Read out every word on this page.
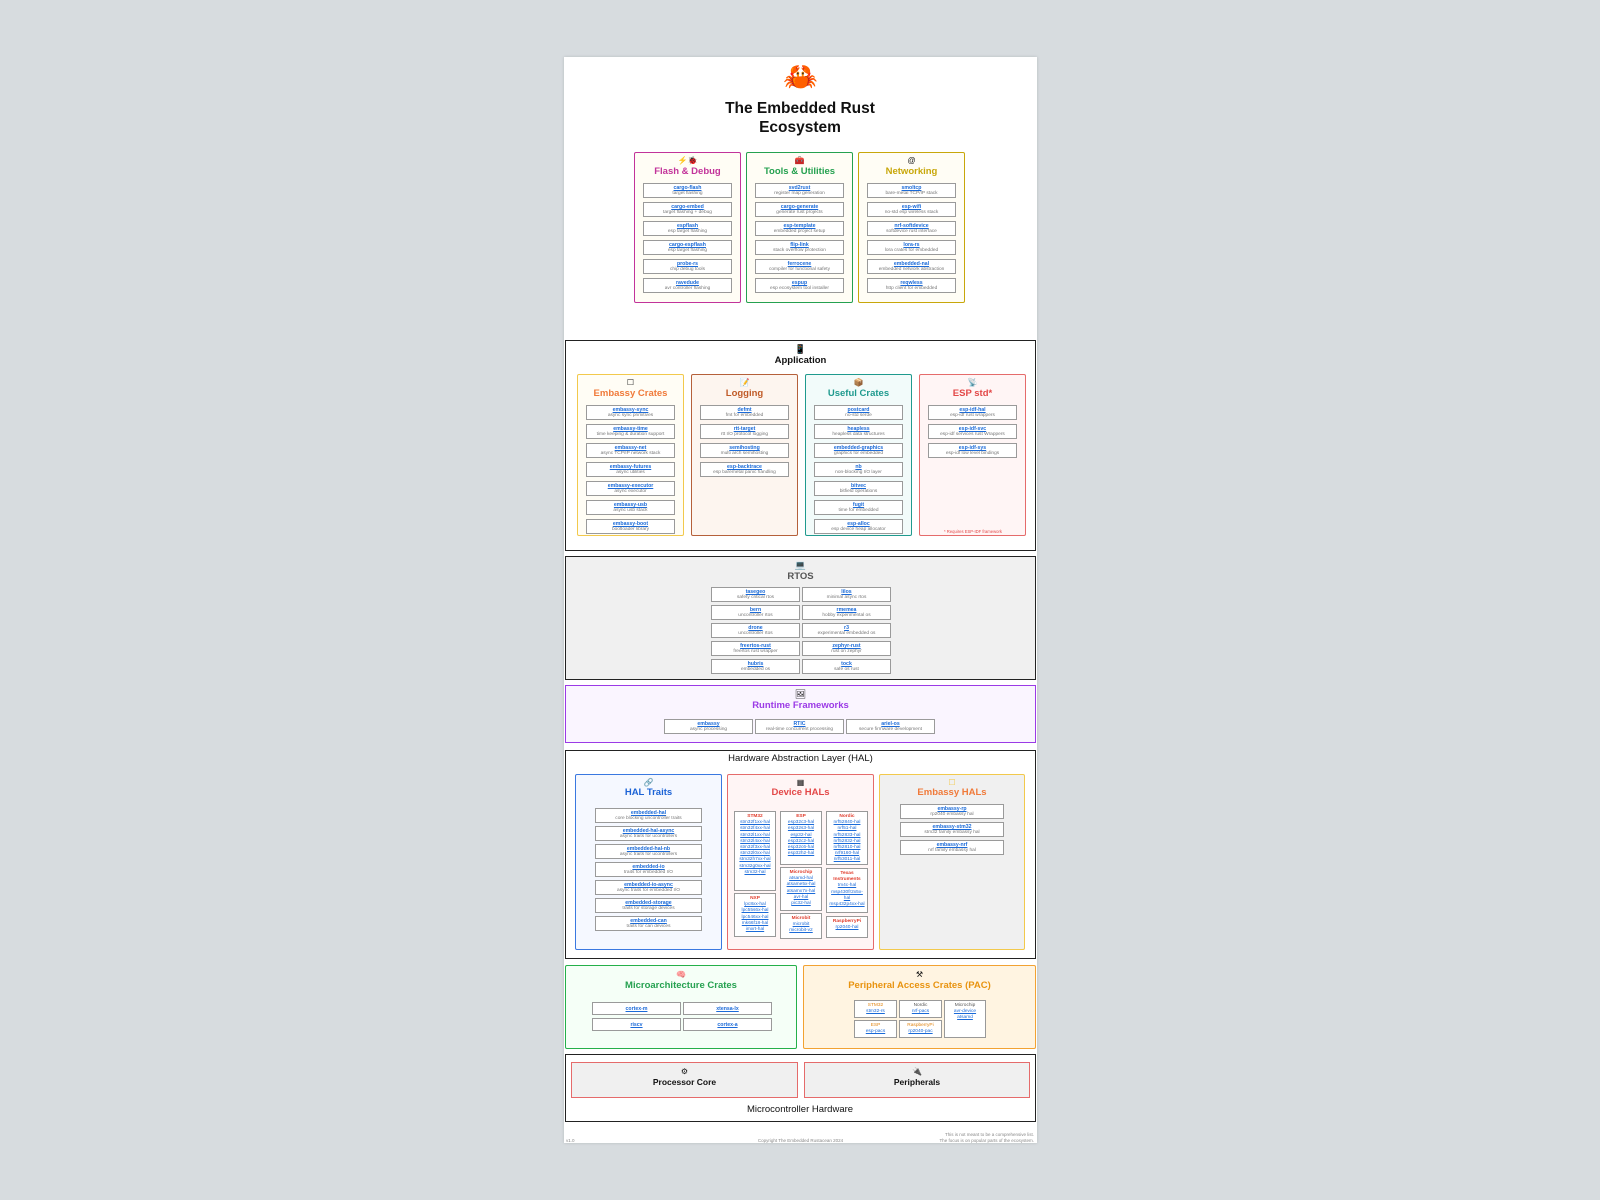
🦀
The Embedded Rust Ecosystem
⚡🐞
Flash & Debug
cargo-flash
target flashing
cargo-embed
target flashing + debug
espflash
esp target flashing
cargo-espflash
esp target flashing
probe-rs
chip debug tools
ravedude
avr controller flashing
🧰
Tools & Utilities
svd2rust
register map generation
cargo-generate
generate rust projects
esp-template
embedded project setup
flip-link
stack overflow protection
ferrocene
compiler for functional safety
espup
esp ecosystem tool installer
@
Networking
smoltcp
bare-metal TCP/IP stack
esp-wifi
no-std esp wireless stack
nrf-softdevice
softdevice rust interface
lora-rs
lora crates for embedded
embedded-nal
embedded network abstraction
reqwless
http client for embedded
📱
Application
☐
Embassy Crates
embassy-sync
async sync primitives
embassy-time
time keeping & duration support
embassy-net
async TCP/IP network stack
embassy-futures
async utilities
embassy-executor
async executor
embassy-usb
async usb stack
embassy-boot
bootloader library
📝
Logging
defmt
fmt for embedded
rtt-target
rtt I/O protocol logging
semihosting
multi arch semihosting
esp-backtrace
esp baremetal panic handling
📦
Useful Crates
postcard
no-std serde
heapless
heapless data structures
embedded-graphics
graphics for embedded
nb
non-blocking I/O layer
bitvec
bitfield operations
fugit
time for embedded
esp-alloc
esp device heap allocator
📡
ESP std*
esp-idf-hal
esp-idf rust wrappers
esp-idf-svc
esp-idf services rust Wrappers
esp-idf-sys
esp-idf low level bindings
* Requires ESP-IDF framework
💻
RTOS
tasegeo
safety critical rtos
lilos
minimal async rtos
bern
uncontroller rtos
rmemea
hobby experimental os
drone
uncontroller rtos
r3
experimental embedded os
freertos-rust
freertos rust wrapper
zephyr-rust
rust on zephyr
hubris
embedded os
tock
safe os rust
🖼
Runtime Frameworks
embassy
async processing
RTIC
real-time concurrent processing
ariel-os
secure firmware development
Hardware Abstraction Layer (HAL)
🔗
HAL Traits
embedded-hal
core blocking uncontroller traits
embedded-hal-async
async traits for ucontrollers
embedded-hal-nb
async traits for ucontrollers
embedded-io
traits for embedded I/O
embedded-io-async
async traits for embedded I/O
embedded-storage
traits for storage devices
embedded-can
traits for can devices
▦
Device HALs
STM32
stm32f1xx-hal
stm32f4xx-hal
stm32l1xx-hal
stm32l4xx-hal
stm32f3xx-hal
stm32l0xx-hal
stm32h7xx-hal
stm32g0xx-hal
stm32-hal
ESP
esp32c3-hal
esp32s3-hal
esp32-hal
esp32c2-hal
esp32c6-hal
esp32h2-hal
Nordic
nrf52840-hal
nrf51-hal
nrf52833-hal
nrf52832-hal
nrf52810-hal
nrf9160-hal
nrf53011-hal
NXP
lpc8xx-hal
lpc55s6x-hal
lpc546xx-hal
mk66f18-hal
imxrt-hal
Microchip
atsamd-hal
atsame5x-hal
atsamx7x-hal
avr-hal
pic32-hal
Texas Instruments
tm4c-hal
msp430fr2x5x-hal
msp432p4xx-hal
Microbit
microbit
microbit-v2
RaspberryPi
rp2040-hal
☐
Embassy HALs
embassy-rp
rp2040 embassy hal
embassy-stm32
stm32 family embassy hal
embassy-nrf
nrf family embassy hal
🧠
Microarchitecture Crates
cortex-m	xtensa-lx
riscv	cortex-a
⚒
Peripheral Access Crates (PAC)
STM32
stm32-rs
Nordic
nrf-pacs
Microchip
avr-device
atsamd
ESP
esp-pacs
RaspberryPi
rp2040-pac
⚙
Processor Core
🔌
Peripherals
Microcontroller Hardware
v1.0	Copyright The Embedded Rustacean 2024
This is not meant to be a comprehensive list.
The focus is on popular parts of the ecosystem.
